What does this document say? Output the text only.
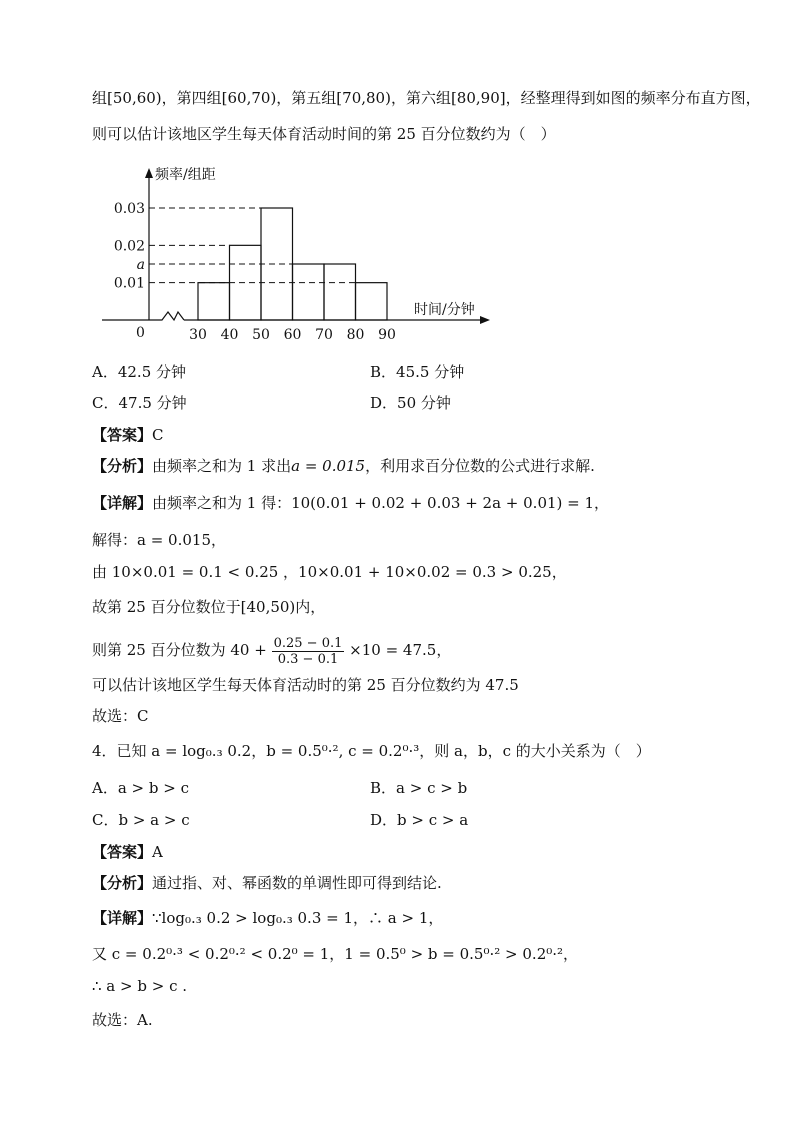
组[50,60)，第四组[60,70)，第五组[70,80)，第六组[80,90]，经整理得到如图的频率分布直方图，
则可以估计该地区学生每天体育活动时间的第 25 百分位数约为（　）
频率/组距
时间/分钟
0
0.03
0.02
a
0.01
30 40 50 60 70 80 90
A．42.5 分钟	B．45.5 分钟
C．47.5 分钟	D．50 分钟
【答案】C
【分析】由频率之和为 1 求出a = 0.015，利用求百分位数的公式进行求解.
【详解】由频率之和为 1 得：10(0.01 + 0.02 + 0.03 + 2a + 0.01) = 1，
解得：a = 0.015，
由 10×0.01 = 0.1 < 0.25 ，10×0.01 + 10×0.02 = 0.3 > 0.25，
故第 25 百分位数位于[40,50)内，
则第 25 百分位数为 $40 + \frac{0.25 - 0.1}{0.3 - 0.1} \times 10 = 47.5$，
可以估计该地区学生每天体育活动时的第 25 百分位数约为 47.5
故选：C
4．已知 a = log₀.₃ 0.2，b = 0.5⁰·², c = 0.2⁰·³，则 a，b，c 的大小关系为（　）
A．a > b > c	B．a > c > b
C．b > a > c	D．b > c > a
【答案】A
【分析】通过指、对、幂函数的单调性即可得到结论.
【详解】∵log₀.₃ 0.2 > log₀.₃ 0.3 = 1，∴ a > 1，
又 c = 0.2⁰·³ < 0.2⁰·² < 0.2⁰ = 1，1 = 0.5⁰ > b = 0.5⁰·² > 0.2⁰·²，
∴ a > b > c .
故选：A.
